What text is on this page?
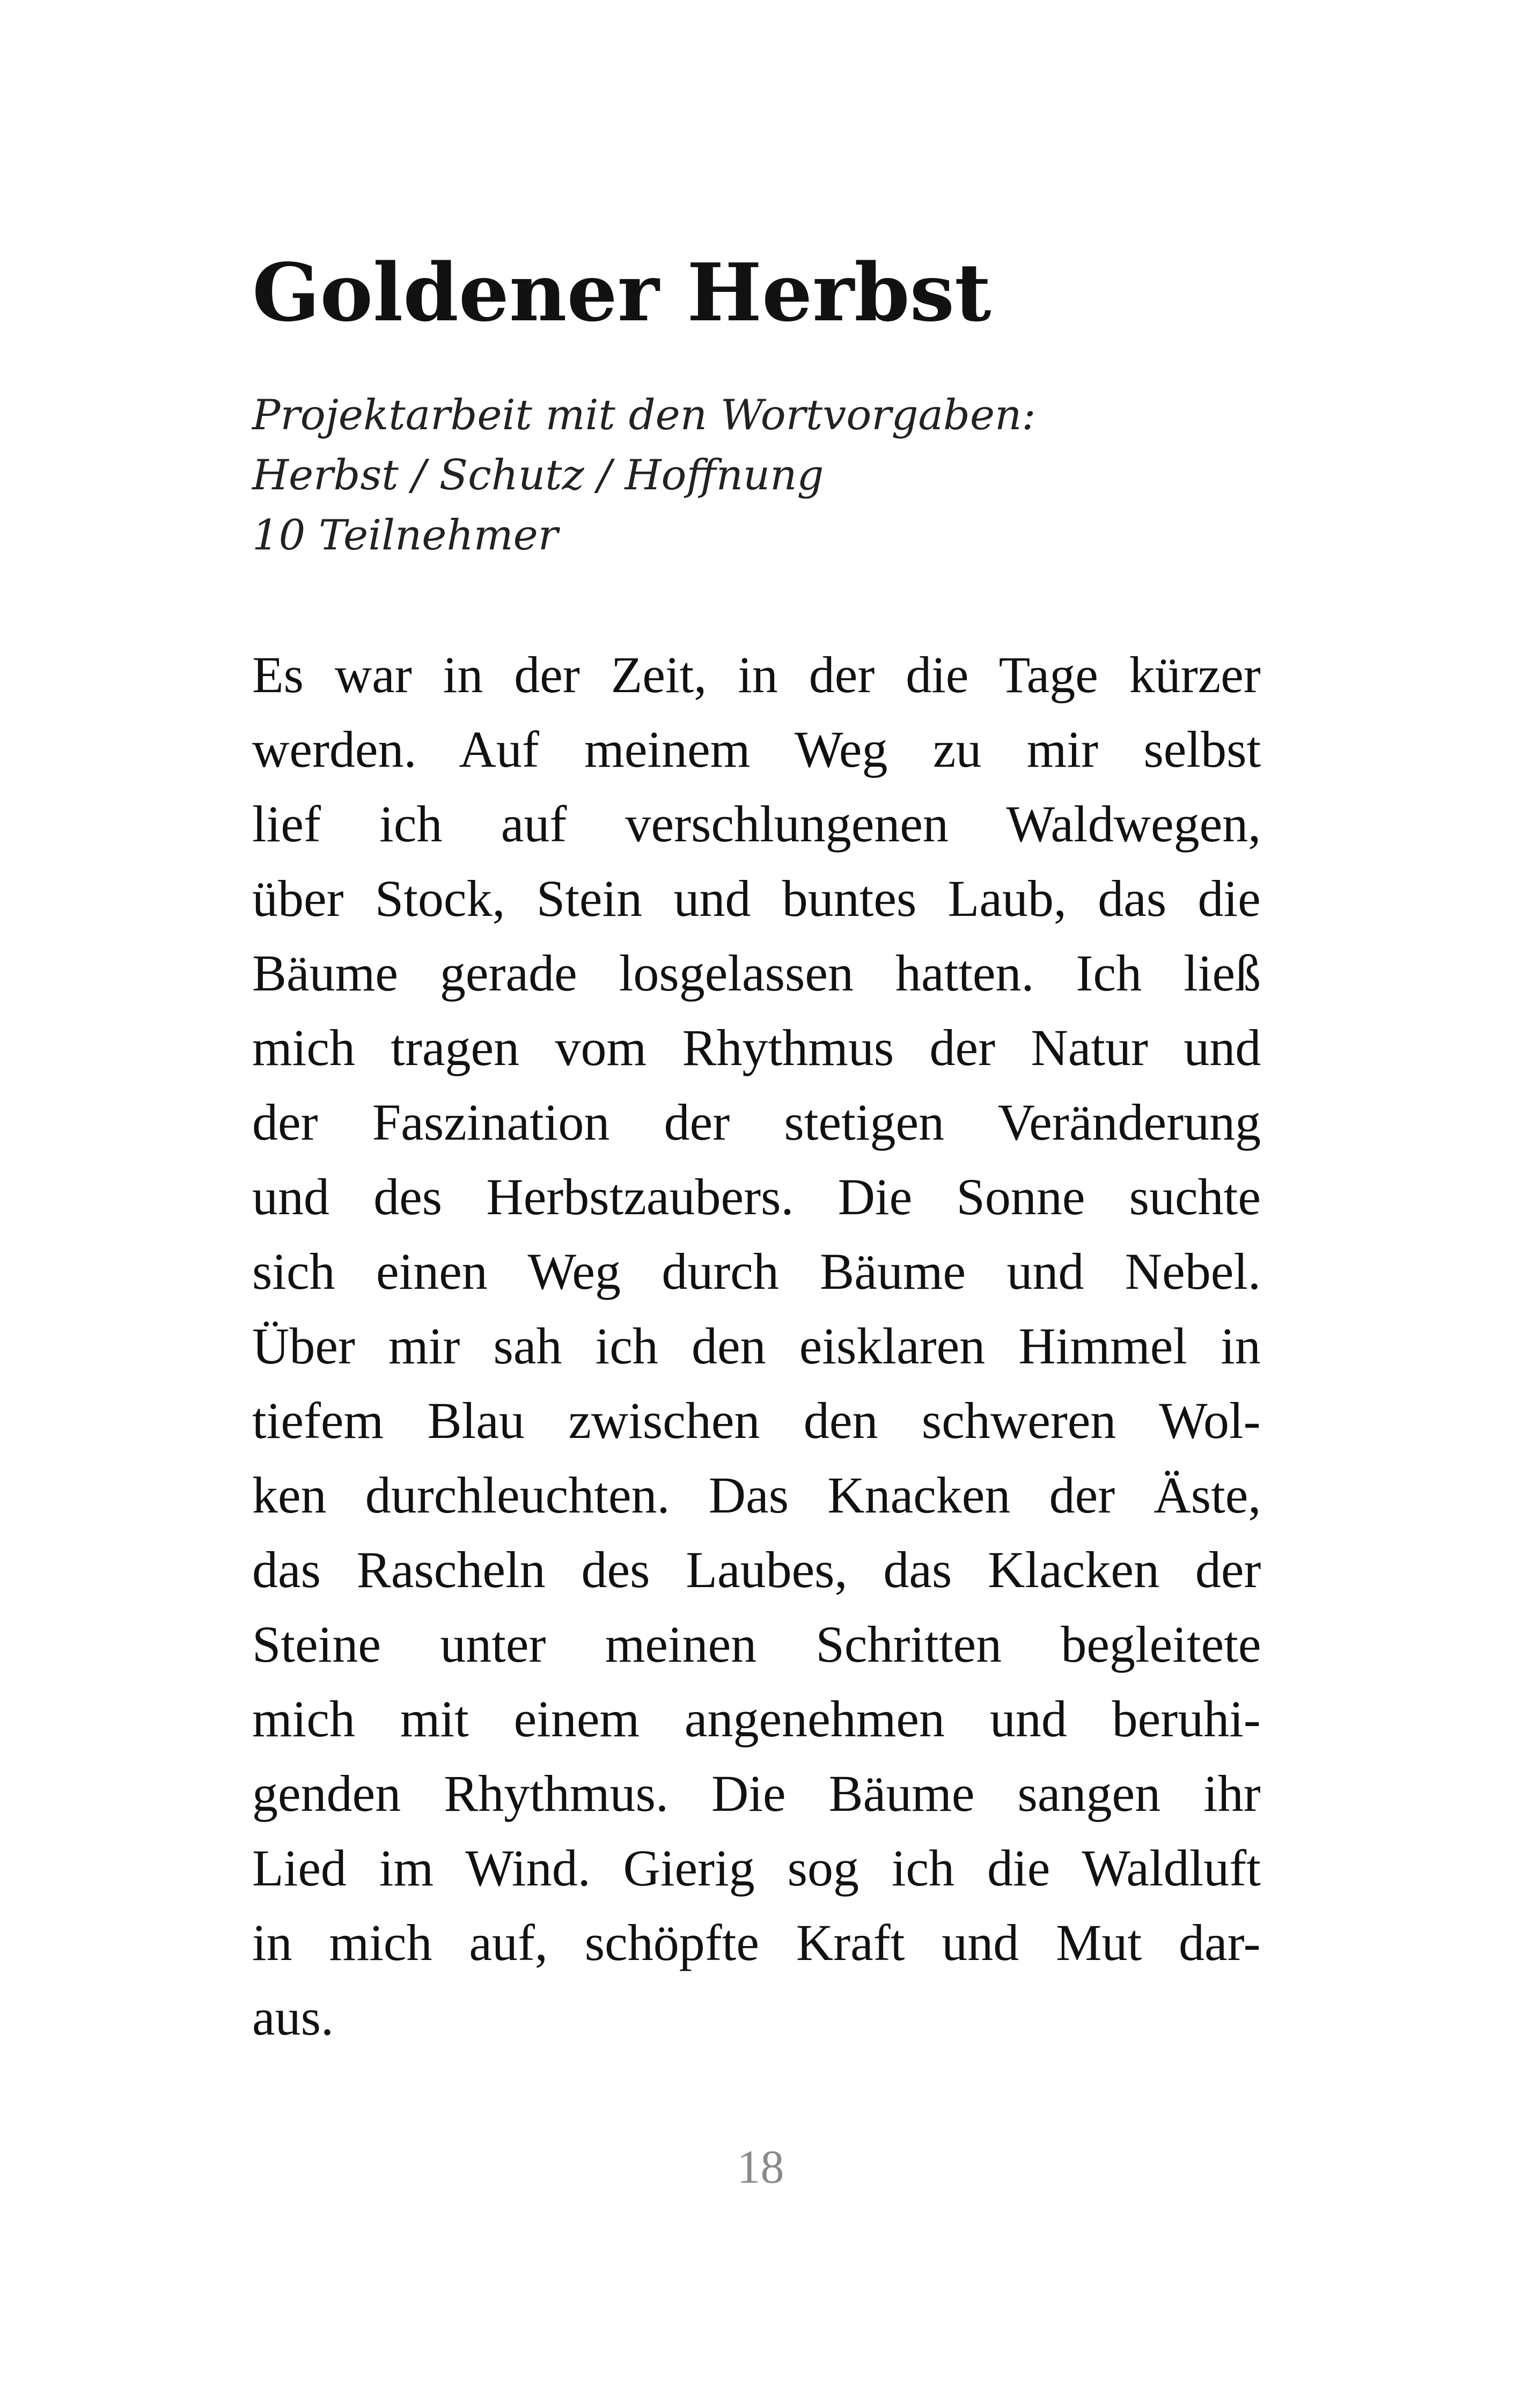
Goldener Herbst
Projektarbeit mit den Wortvorgaben:
Herbst / Schutz / Hoffnung
10 Teilnehmer
Es war in der Zeit, in der die Tage kürzer
werden. Auf meinem Weg zu mir selbst
lief ich auf verschlungenen Waldwegen,
über Stock, Stein und buntes Laub, das die
Bäume gerade losgelassen hatten. Ich ließ
mich tragen vom Rhythmus der Natur und
der Faszination der stetigen Veränderung
und des Herbstzaubers. Die Sonne suchte
sich einen Weg durch Bäume und Nebel.
Über mir sah ich den eisklaren Himmel in
tiefem Blau zwischen den schweren Wol-
ken durchleuchten. Das Knacken der Äste,
das Rascheln des Laubes, das Klacken der
Steine unter meinen Schritten begleitete
mich mit einem angenehmen und beruhi-
genden Rhythmus. Die Bäume sangen ihr
Lied im Wind. Gierig sog ich die Waldluft
in mich auf, schöpfte Kraft und Mut dar-
aus.
18
